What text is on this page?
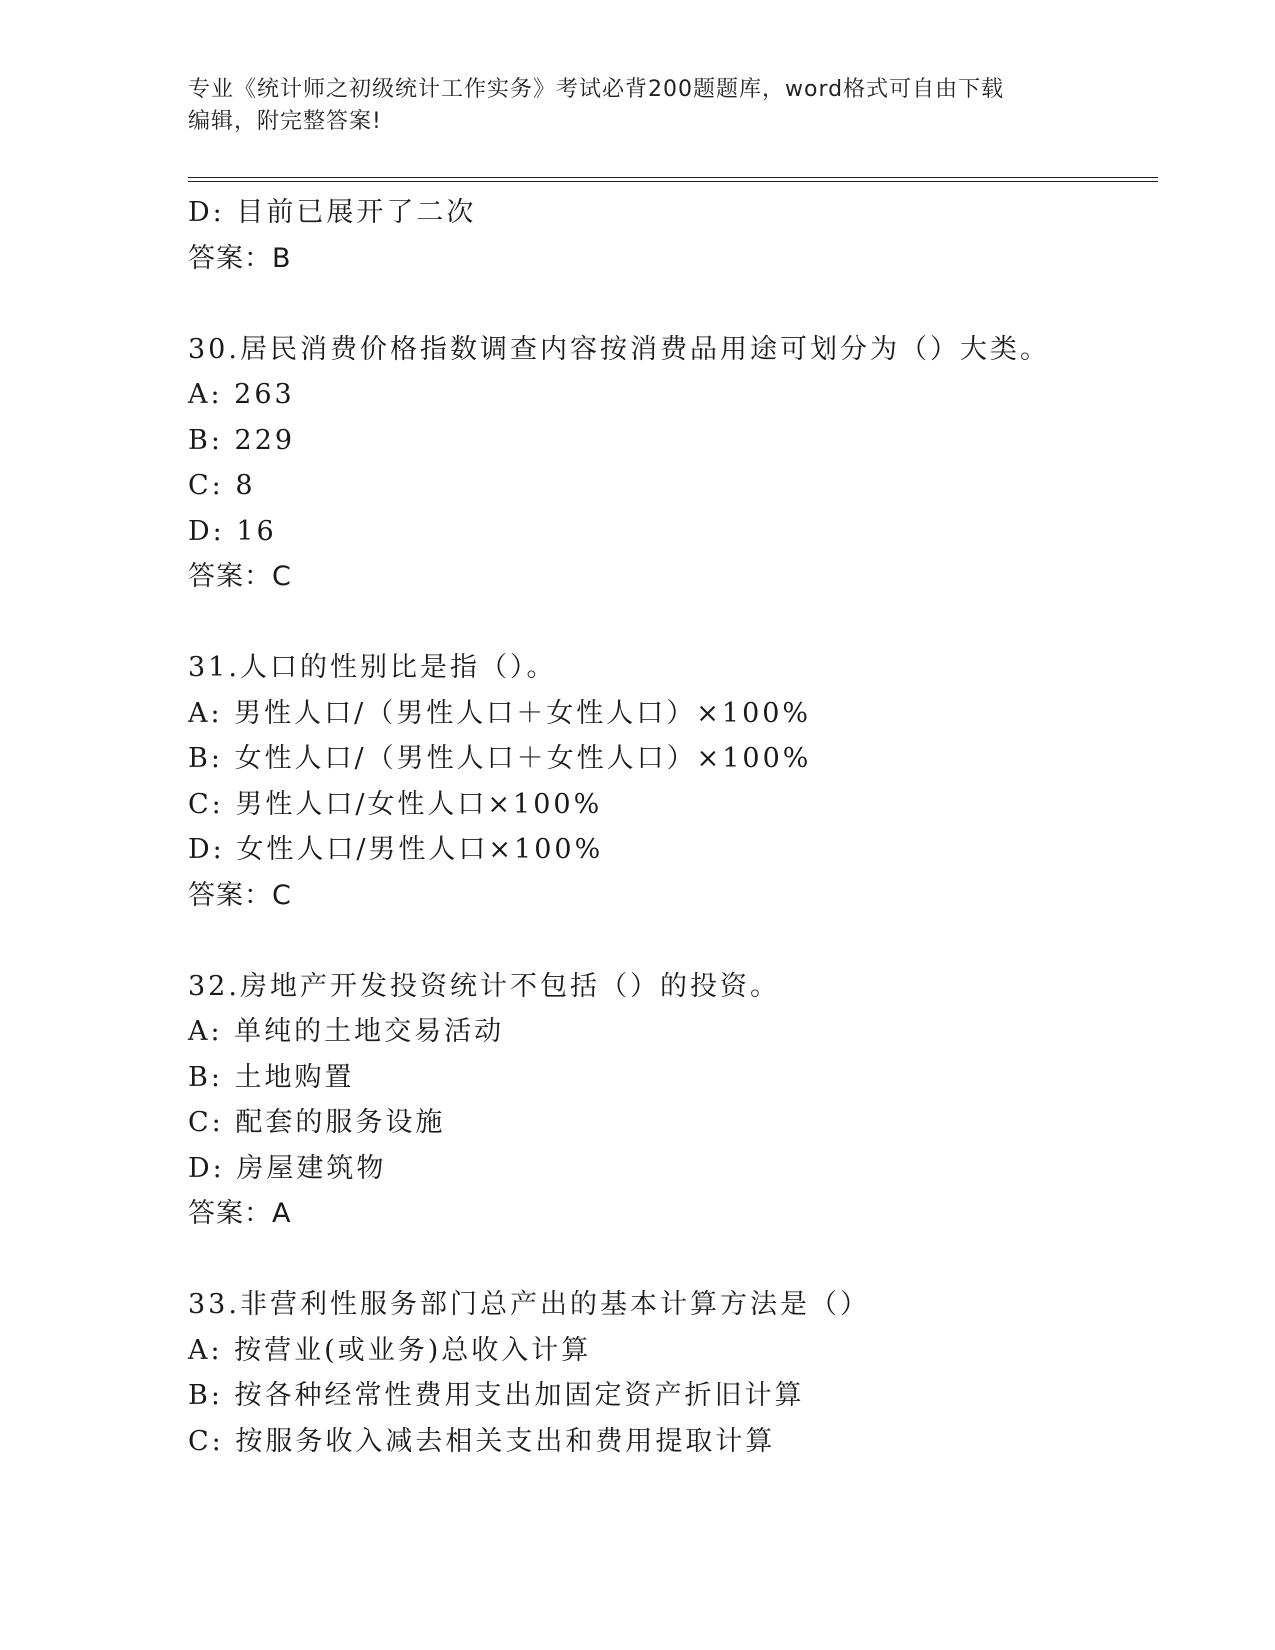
专业《统计师之初级统计工作实务》考试必背200题题库，word格式可自由下载
编辑，附完整答案!
D: 目前已展开了二次
答案：B
30.居民消费价格指数调查内容按消费品用途可划分为（）大类。
A: 263
B: 229
C: 8
D: 16
答案：C
31.人口的性别比是指（）。
A: 男性人口/（男性人口＋女性人口）×100%
B: 女性人口/（男性人口＋女性人口）×100%
C: 男性人口/女性人口×100%
D: 女性人口/男性人口×100%
答案：C
32.房地产开发投资统计不包括（）的投资。
A: 单纯的土地交易活动
B: 土地购置
C: 配套的服务设施
D: 房屋建筑物
答案：A
33.非营利性服务部门总产出的基本计算方法是（）
A: 按营业(或业务)总收入计算
B: 按各种经常性费用支出加固定资产折旧计算
C: 按服务收入减去相关支出和费用提取计算
